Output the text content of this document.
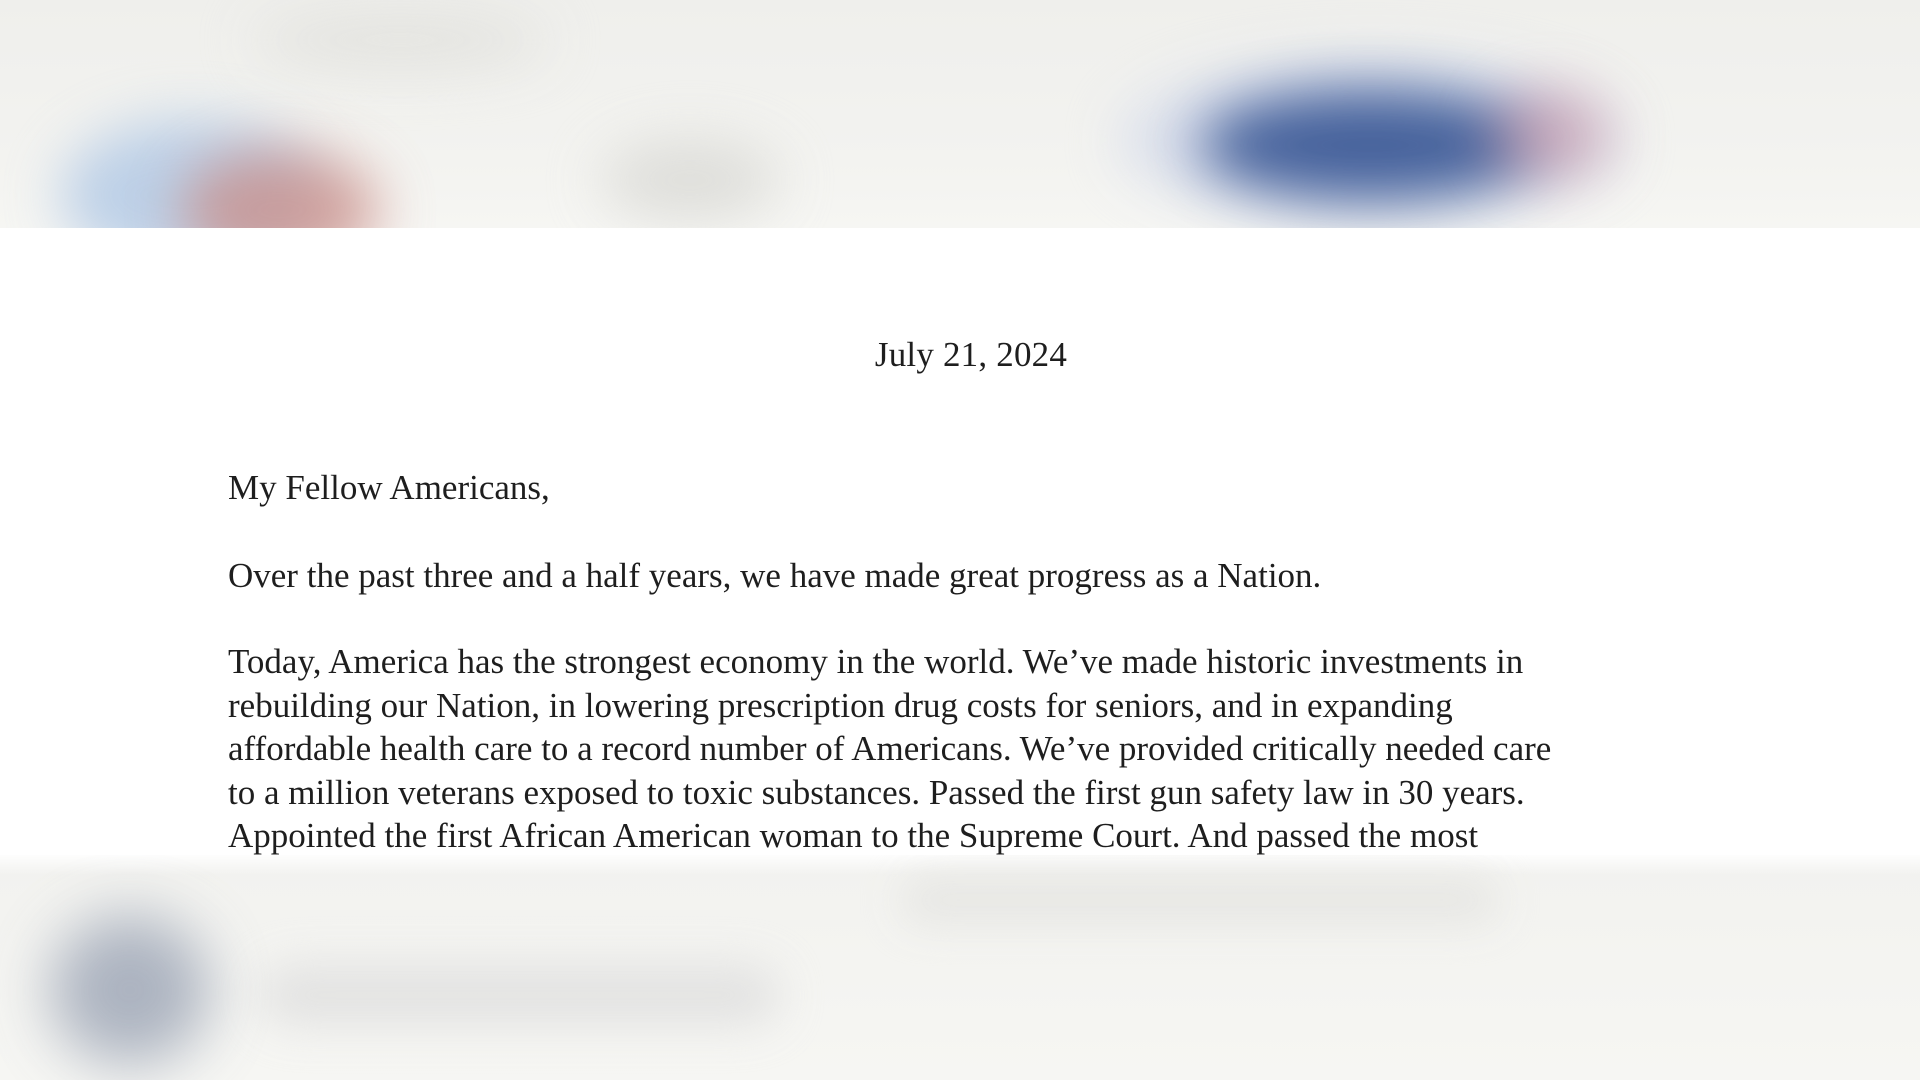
July 21, 2024
My Fellow Americans,
Over the past three and a half years, we have made great progress as a Nation.
Today, America has the strongest economy in the world. We’ve made historic investments in
rebuilding our Nation, in lowering prescription drug costs for seniors, and in expanding
affordable health care to a record number of Americans. We’ve provided critically needed care
to a million veterans exposed to toxic substances. Passed the first gun safety law in 30 years.
Appointed the first African American woman to the Supreme Court. And passed the most
